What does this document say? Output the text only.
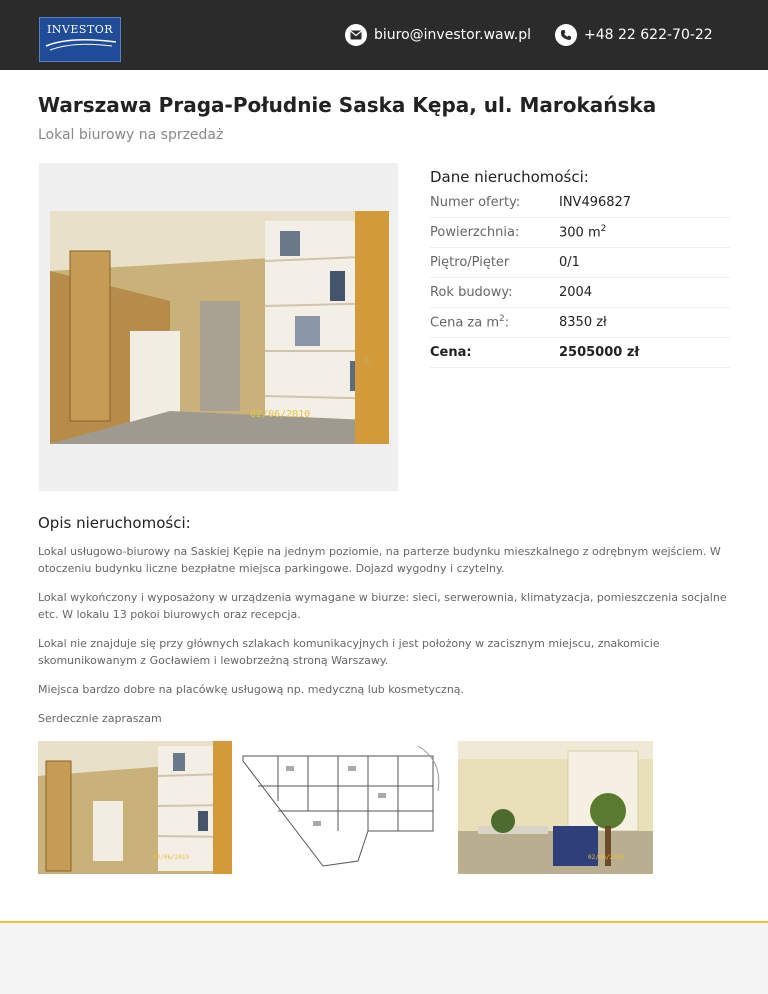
INVESTOR	biuro@investor.waw.pl	+48 22 622-70-22
Warszawa Praga-Południe Saska Kępa, ul. Marokańska
Lokal biurowy na sprzedaż
02/06/2010
Dane nieruchomości:
Numer oferty:	INV496827
Powierzchnia:	300 $m^2$
Piętro/Pięter	0/1
Rok budowy:	2004
Cena za $m^2$:	8350 zł
Cena:	2505000 zł
Opis nieruchomości:

Lokal usługowo-biurowy na Saskiej Kępie na jednym poziomie, na parterze budynku mieszkalnego z odrębnym wejściem. W otoczeniu budynku liczne bezpłatne miejsca parkingowe. Dojazd wygodny i czytelny.

Lokal wykończony i wyposażony w urządzenia wymagane w biurze: sieci, serwerownia, klimatyzacja, pomieszczenia socjalne etc. W lokalu 13 pokoi biurowych oraz recepcja.

Lokal nie znajduje się przy głównych szlakach komunikacyjnych i jest położony w zacisznym miejscu, znakomicie skomunikowanym z Gocławiem i lewobrzeżną stroną Warszawy.

Miejsca bardzo dobre na placówkę usługową np. medyczną lub kosmetyczną.

Serdecznie zapraszam

02/06/2010	02/06/2010
